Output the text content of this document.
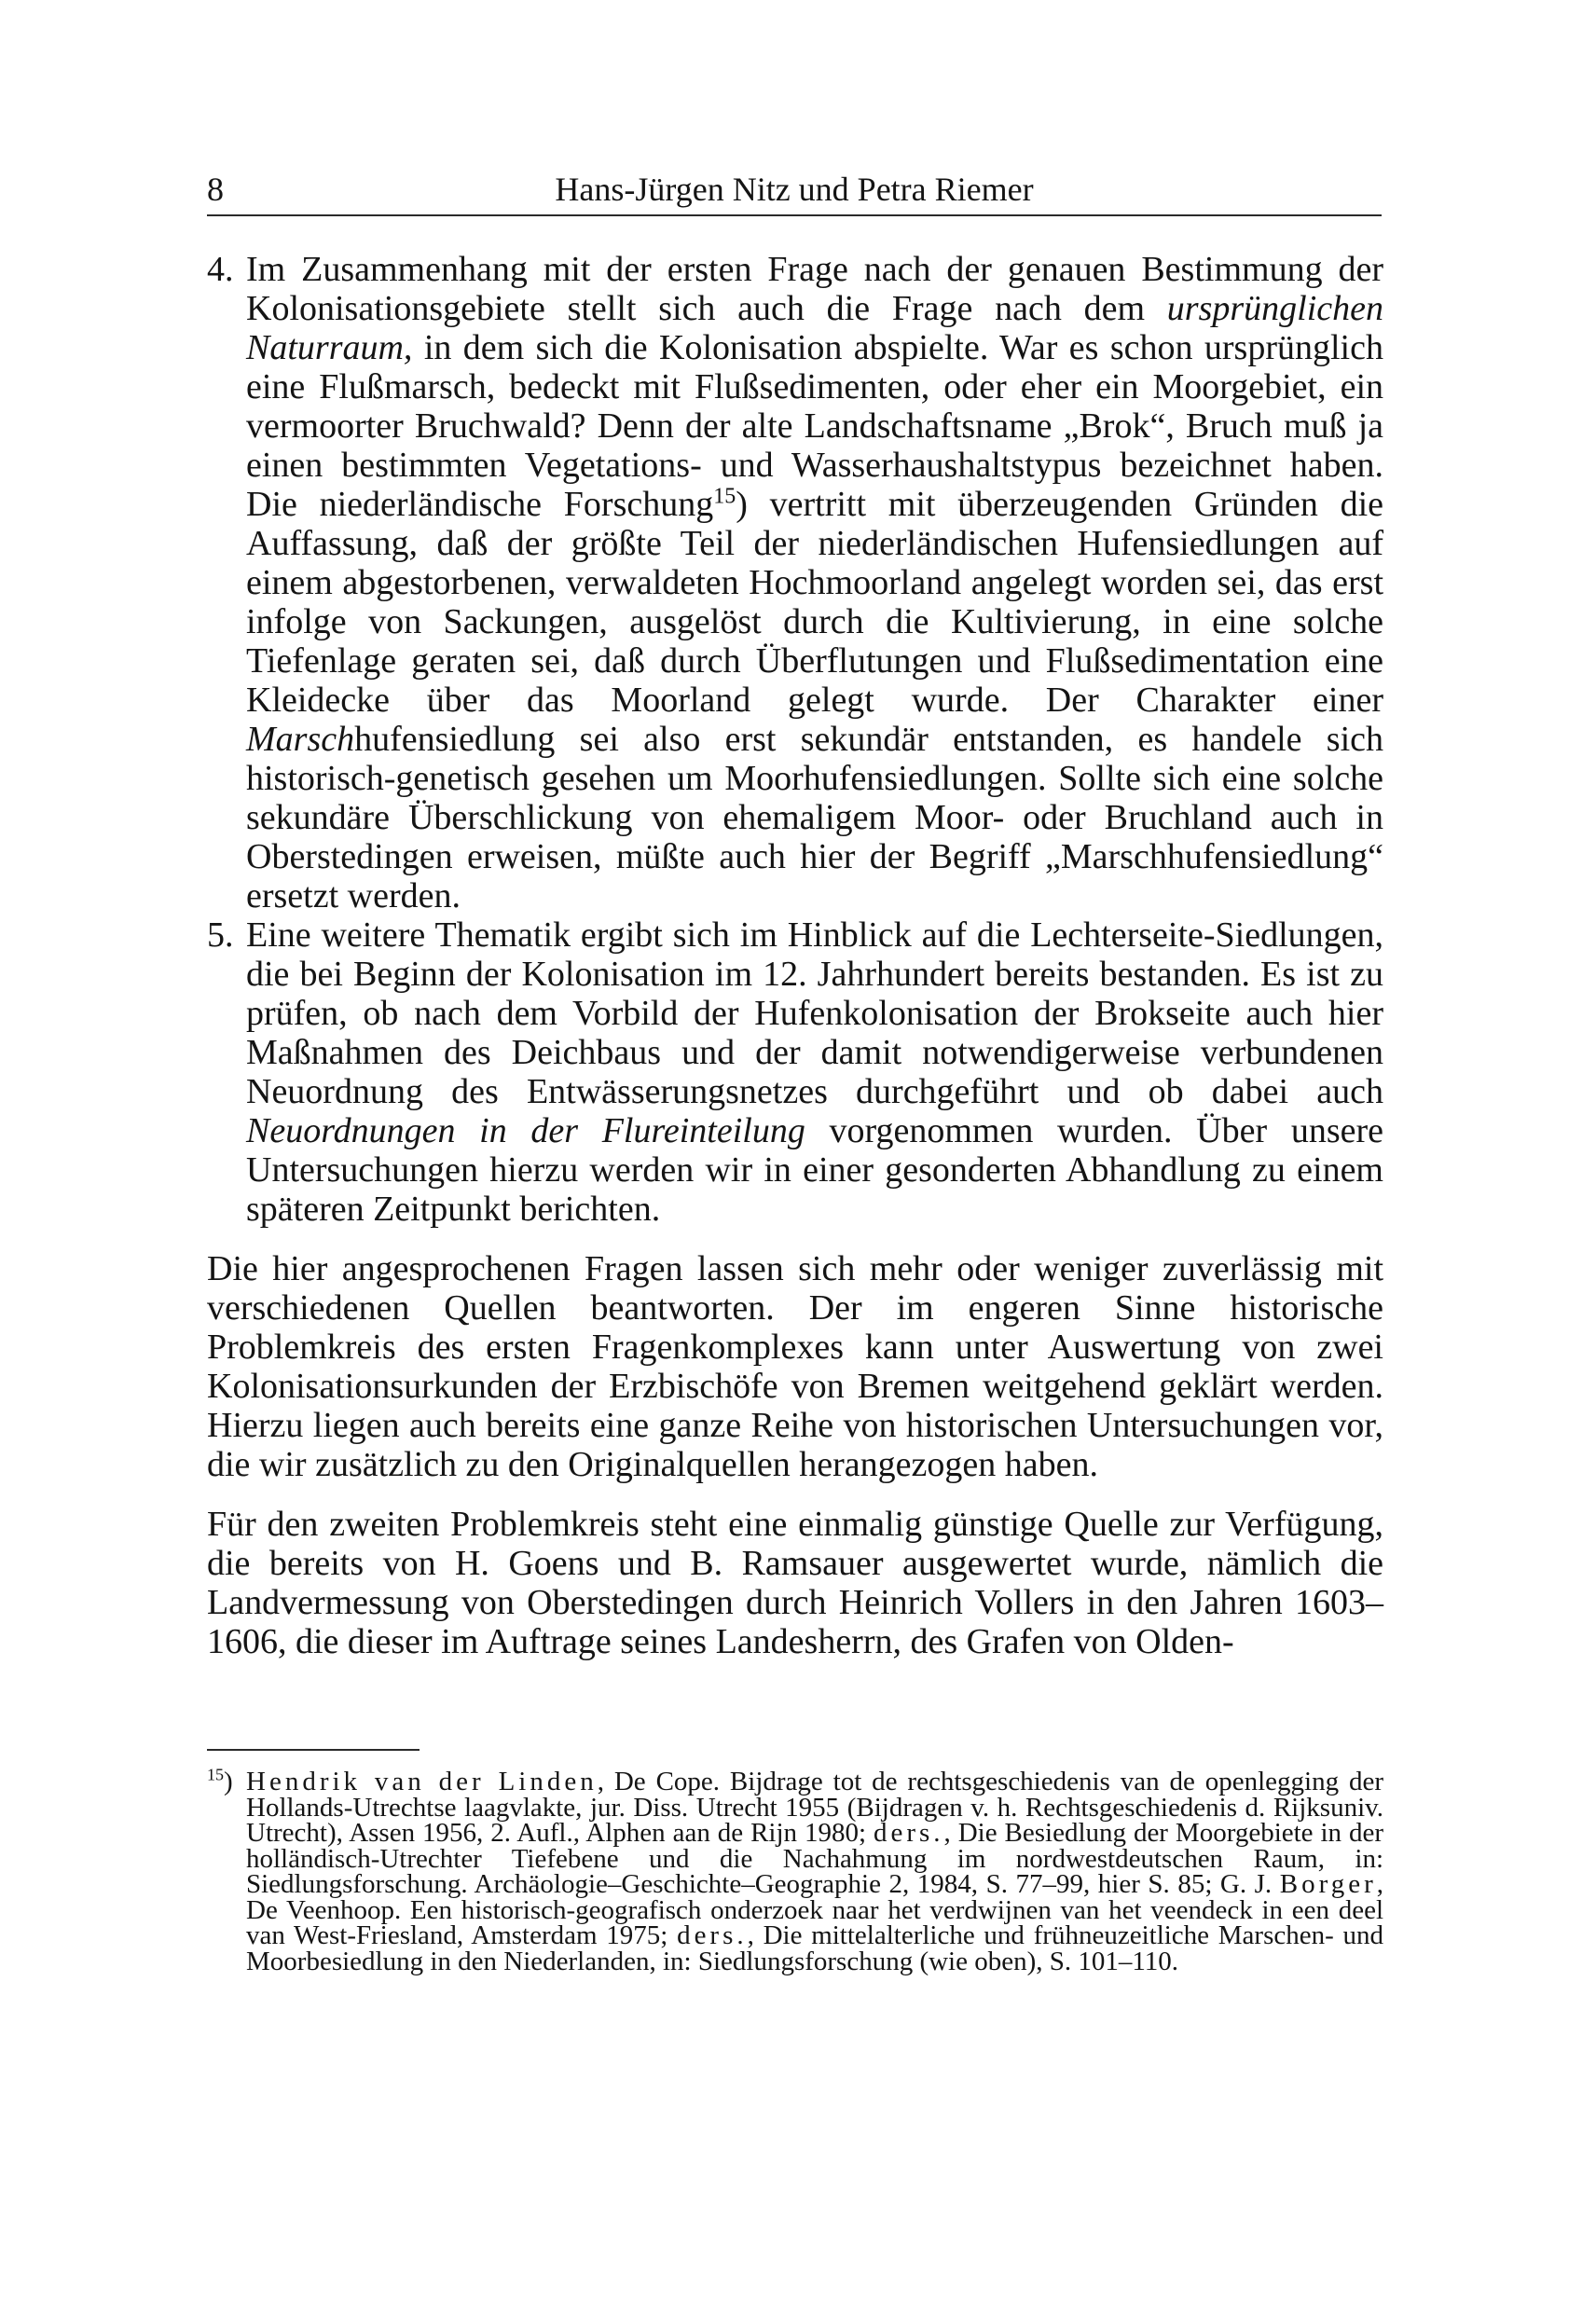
8	Hans-Jürgen Nitz und Petra Riemer

4. Im Zusammenhang mit der ersten Frage nach der genauen Bestimmung der Kolonisationsgebiete stellt sich auch die Frage nach dem ursprünglichen Naturraum, in dem sich die Kolonisation abspielte. War es schon ursprünglich eine Flußmarsch, bedeckt mit Flußsedimenten, oder eher ein Moorgebiet, ein vermoorter Bruchwald? Denn der alte Landschaftsname „Brok“, Bruch muß ja einen bestimmten Vegetations- und Wasserhaushaltstypus bezeichnet haben. Die niederländische Forschung$^{15}$) vertritt mit überzeugenden Gründen die Auffassung, daß der größte Teil der niederländischen Hufensiedlungen auf einem abgestorbenen, verwaldeten Hochmoorland angelegt worden sei, das erst infolge von Sackungen, ausgelöst durch die Kultivierung, in eine solche Tiefenlage geraten sei, daß durch Überflutungen und Flußsedimentation eine Kleidecke über das Moorland gelegt wurde. Der Charakter einer Marschhufensiedlung sei also erst sekundär entstanden, es handele sich historisch-genetisch gesehen um Moorhufensiedlungen. Sollte sich eine solche sekundäre Überschlickung von ehemaligem Moor- oder Bruchland auch in Oberstedingen erweisen, müßte auch hier der Begriff „Marschhufensiedlung“ ersetzt werden.

5. Eine weitere Thematik ergibt sich im Hinblick auf die Lechterseite-Siedlungen, die bei Beginn der Kolonisation im 12. Jahrhundert bereits bestanden. Es ist zu prüfen, ob nach dem Vorbild der Hufenkolonisation der Brokseite auch hier Maßnahmen des Deichbaus und der damit notwendigerweise verbundenen Neuordnung des Entwässerungsnetzes durchgeführt und ob dabei auch Neuordnungen in der Flureinteilung vorgenommen wurden. Über unsere Untersuchungen hierzu werden wir in einer gesonderten Abhandlung zu einem späteren Zeitpunkt berichten.

Die hier angesprochenen Fragen lassen sich mehr oder weniger zuverlässig mit verschiedenen Quellen beantworten. Der im engeren Sinne historische Problemkreis des ersten Fragenkomplexes kann unter Auswertung von zwei Kolonisationsurkunden der Erzbischöfe von Bremen weitgehend geklärt werden. Hierzu liegen auch bereits eine ganze Reihe von historischen Untersuchungen vor, die wir zusätzlich zu den Originalquellen herangezogen haben.

Für den zweiten Problemkreis steht eine einmalig günstige Quelle zur Verfügung, die bereits von H. Goens und B. Ramsauer ausgewertet wurde, nämlich die Landvermessung von Oberstedingen durch Heinrich Vollers in den Jahren 1603–1606, die dieser im Auftrage seines Landesherrn, des Grafen von Olden-

$^{15}$) Hendrik van der Linden, De Cope. Bijdrage tot de rechtsgeschiedenis van de openlegging der Hollands-Utrechtse laagvlakte, jur. Diss. Utrecht 1955 (Bijdragen v. h. Rechtsgeschiedenis d. Rijksuniv. Utrecht), Assen 1956, 2. Aufl., Alphen aan de Rijn 1980; ders., Die Besiedlung der Moorgebiete in der holländisch-Utrechter Tiefebene und die Nachahmung im nordwestdeutschen Raum, in: Siedlungsforschung. Archäologie–Geschichte–Geographie 2, 1984, S. 77–99, hier S. 85; G. J. Borger, De Veenhoop. Een historisch-geografisch onderzoek naar het verdwijnen van het veendeck in een deel van West-Friesland, Amsterdam 1975; ders., Die mittelalterliche und frühneuzeitliche Marschen- und Moorbesiedlung in den Niederlanden, in: Siedlungsforschung (wie oben), S. 101–110.
